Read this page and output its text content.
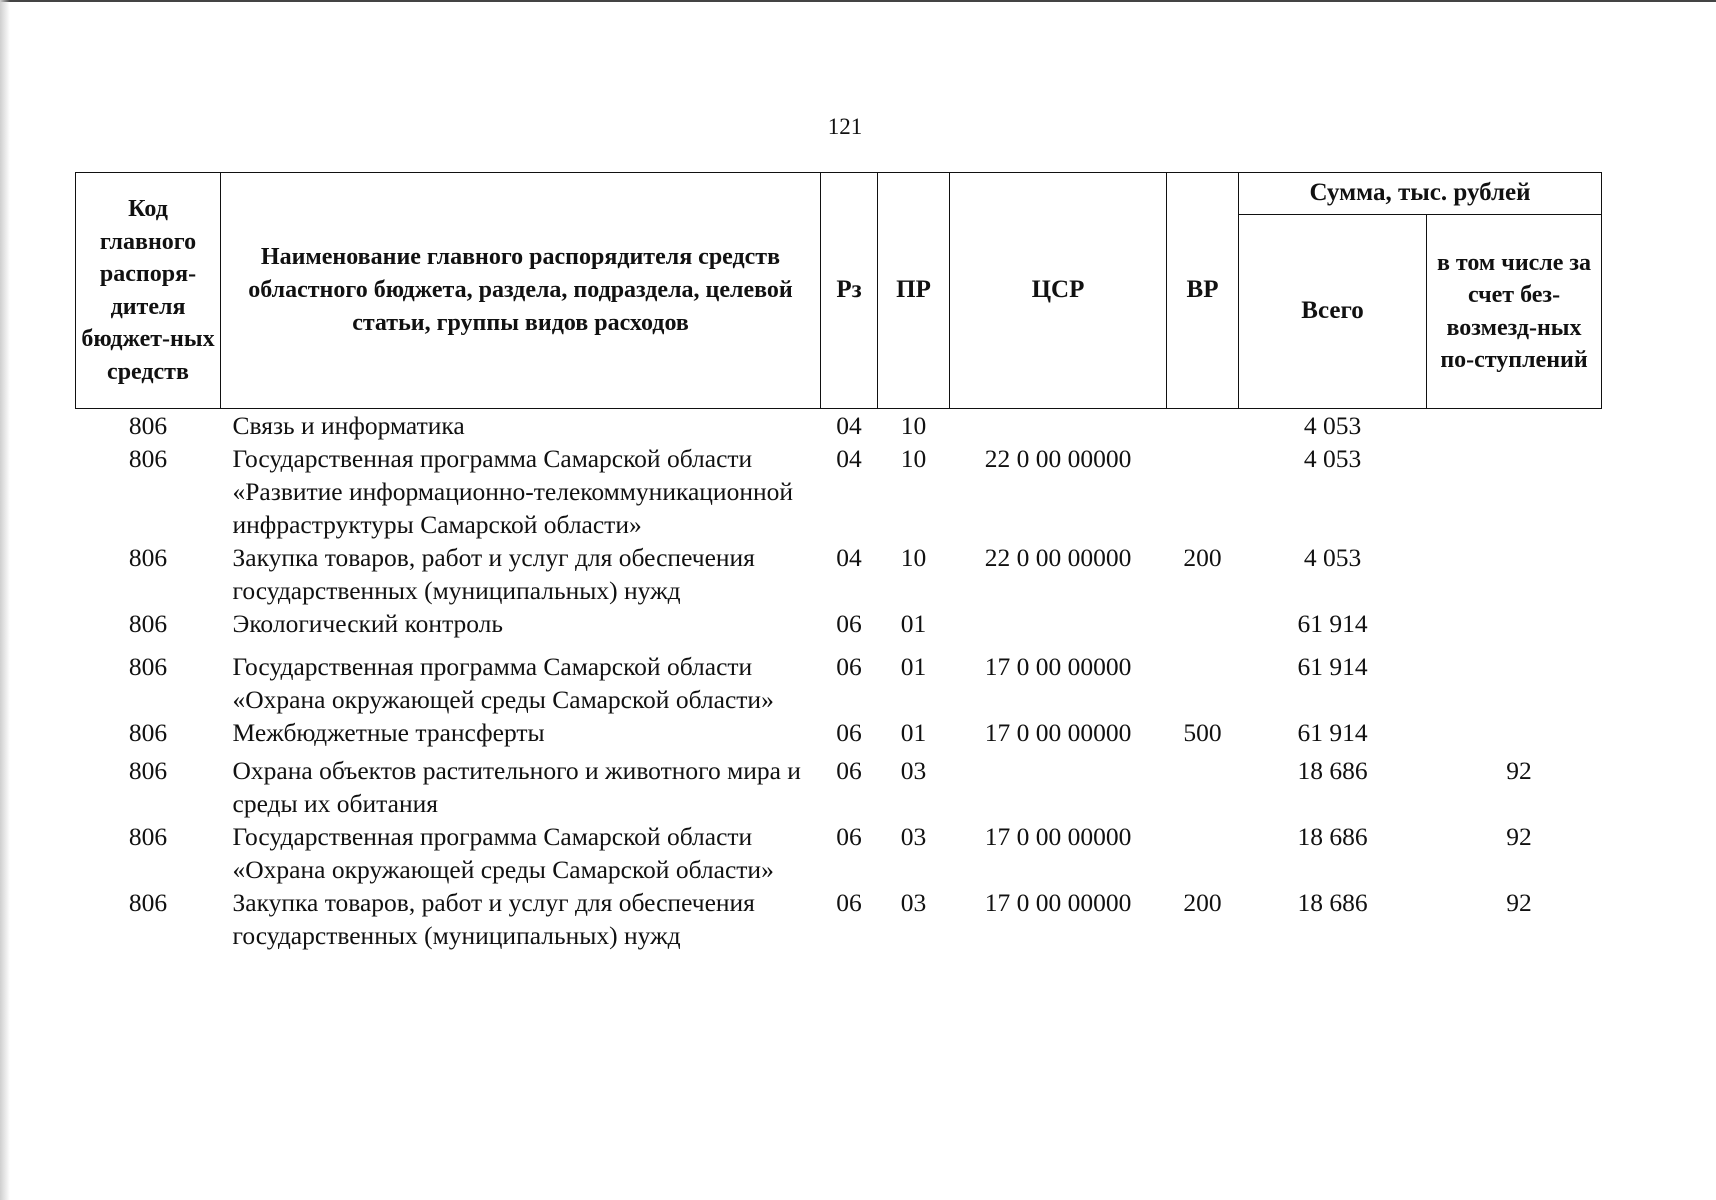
121
Код главного распоря-дителя бюджет-ных средств	Наименование главного распорядителя средств областного бюджета, раздела, подраздела, целевой статьи, группы видов расходов	Рз	ПР	ЦСР	ВР	Сумма, тыс. рублей	
						Всего	в том числе за счет без-возмезд-ных по-ступлений
806	Связь и информатика	04	10			4 053	
806	Государственная программа Самарской области «Развитие информационно-телекоммуникационной инфраструктуры Самарской области»	04	10	22 0 00 00000		4 053	
806	Закупка товаров, работ и услуг для обеспечения государственных (муниципальных) нужд	04	10	22 0 00 00000	200	4 053	
806	Экологический контроль	06	01			61 914	
806	Государственная программа Самарской области «Охрана окружающей среды Самарской области»	06	01	17 0 00 00000		61 914	
806	Межбюджетные трансферты	06	01	17 0 00 00000	500	61 914	
806	Охрана объектов растительного и животного мира и среды их обитания	06	03			18 686	92
806	Государственная программа Самарской области «Охрана окружающей среды Самарской области»	06	03	17 0 00 00000		18 686	92
806	Закупка товаров, работ и услуг для обеспечения государственных (муниципальных) нужд	06	03	17 0 00 00000	200	18 686	92
